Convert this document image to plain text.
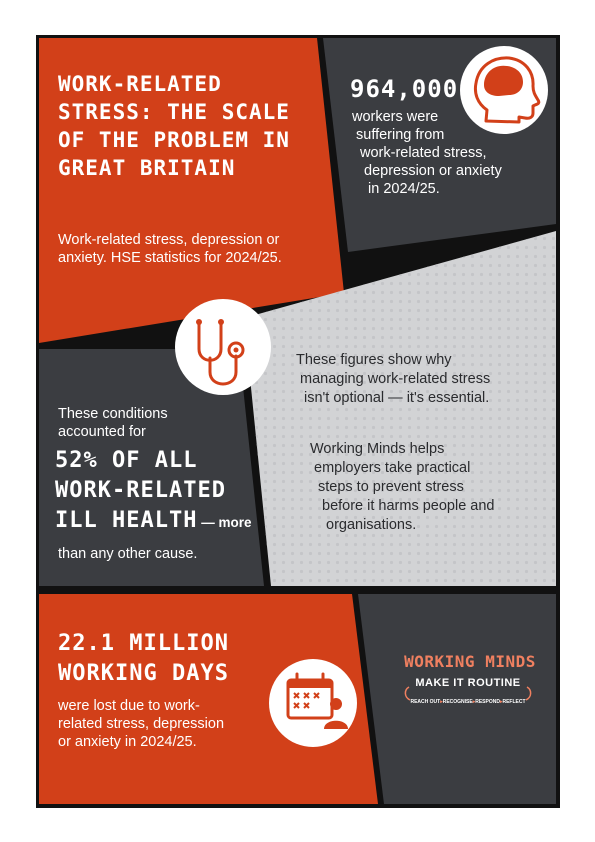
WORK-RELATED
STRESS: THE SCALE
OF THE PROBLEM IN
GREAT BRITAIN
Work-related stress, depression or
anxiety. HSE statistics for 2024/25.
964,000
workers were
suffering from
work-related stress,
depression or anxiety
in 2024/25.
These conditions
accounted for
52% OF ALL
WORK-RELATED
ILL HEALTH — more
than any other cause.
These figures show why
managing work-related stress
isn't optional — it's essential.
Working Minds helps
employers take practical
steps to prevent stress
before it harms people and
organisations.
22.1 MILLION
WORKING DAYS
were lost due to work-
related stress, depression
or anxiety in 2024/25.
WORKING MINDS
MAKE IT ROUTINE
REACH OUT▸RECOGNISE▸RESPOND▸REFLECT
